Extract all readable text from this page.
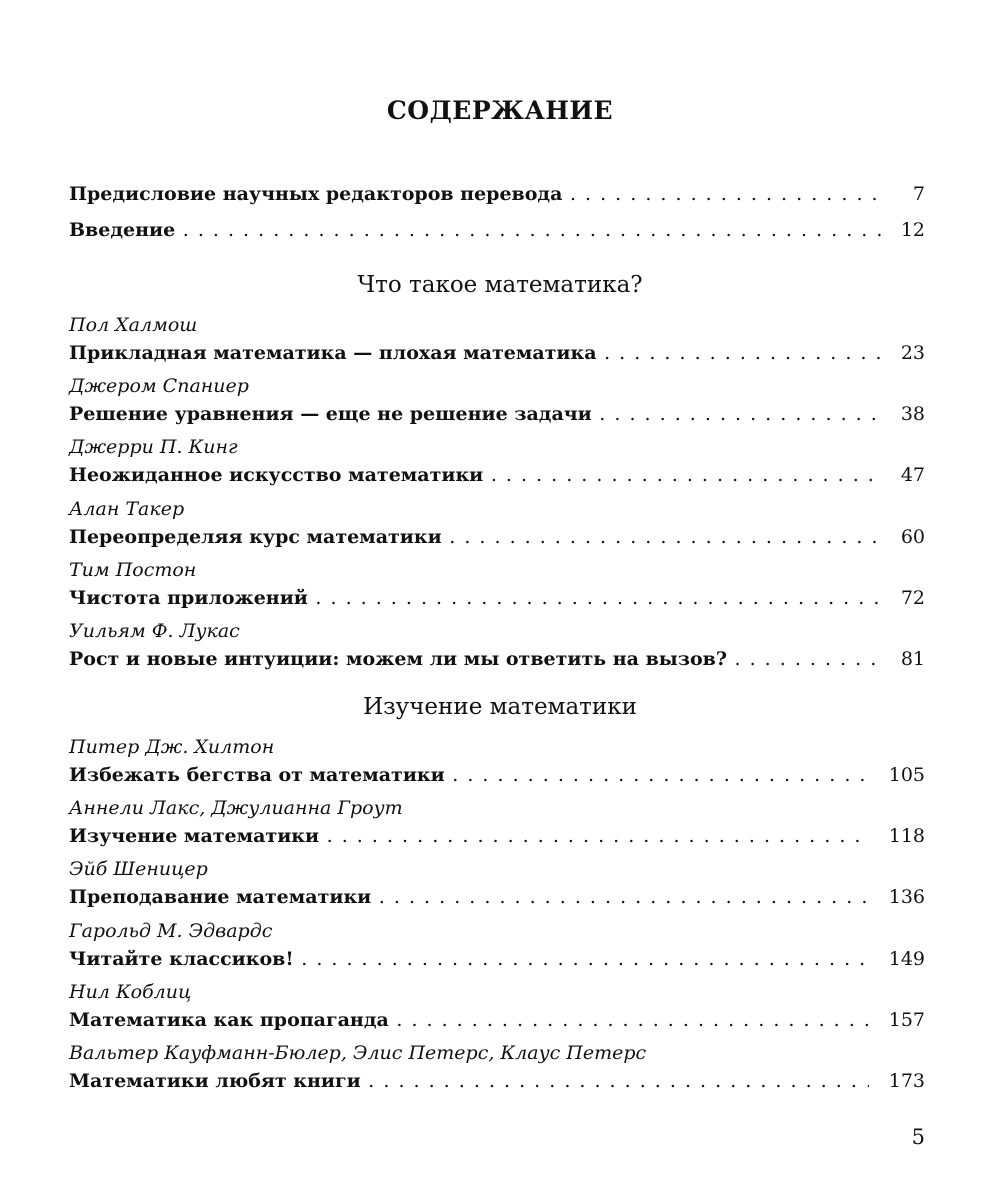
СОДЕРЖАНИЕ
Предисловие научных редакторов перевода . . .	7
Введение . . .	12
Что такое математика?
Пол Халмош
Прикладная математика — плохая математика . . .	23
Джером Спаниер
Решение уравнения — еще не решение задачи . . .	38
Джерри П. Кинг
Неожиданное искусство математики . . .	47
Алан Такер
Переопределяя курс математики . . .	60
Тим Постон
Чистота приложений . . .	72
Уильям Ф. Лукас
Рост и новые интуиции: можем ли мы ответить на вызов? . . .	81
Изучение математики
Питер Дж. Хилтон
Избежать бегства от математики . . .	105
Аннели Лакс, Джулианна Гроут
Изучение математики . . .	118
Эйб Шеницер
Преподавание математики . . .	136
Гарольд М. Эдвардс
Читайте классиков! . . .	149
Нил Коблиц
Математика как пропаганда . . .	157
Вальтер Кауфманн-Бюлер, Элис Петерс, Клаус Петерс
Математики любят книги . . .	173
5
